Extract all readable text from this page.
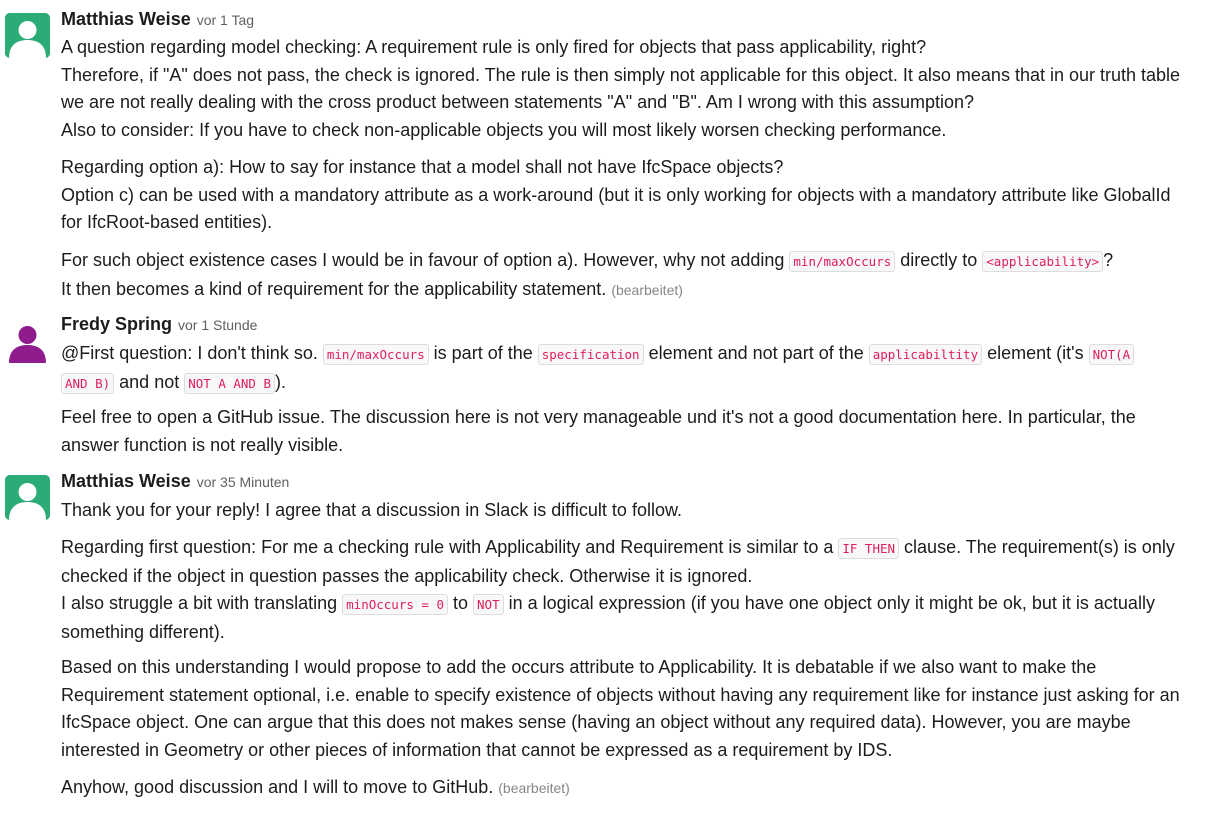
Matthias Weise vor 1 Tag
A question regarding model checking: A requirement rule is only fired for objects that pass applicability, right?
Therefore, if "A" does not pass, the check is ignored. The rule is then simply not applicable for this object. It also means that in our truth table
we are not really dealing with the cross product between statements "A" and "B". Am I wrong with this assumption?
Also to consider: If you have to check non-applicable objects you will most likely worsen checking performance.
Regarding option a): How to say for instance that a model shall not have IfcSpace objects?
Option c) can be used with a mandatory attribute as a work-around (but it is only working for objects with a mandatory attribute like GlobalId
for IfcRoot-based entities).
For such object existence cases I would be in favour of option a). However, why not adding min/maxOccurs directly to <applicability> ?
It then becomes a kind of requirement for the applicability statement. (bearbeitet)
Fredy Spring vor 1 Stunde
@First question: I don't think so. min/maxOccurs is part of the specification element and not part of the applicabiltity element (it's NOT(A
AND B) and not NOT A AND B ).
Feel free to open a GitHub issue. The discussion here is not very manageable und it's not a good documentation here. In particular, the
answer function is not really visible.
Matthias Weise vor 35 Minuten
Thank you for your reply! I agree that a discussion in Slack is difficult to follow.
Regarding first question: For me a checking rule with Applicability and Requirement is similar to a IF THEN clause. The requirement(s) is only
checked if the object in question passes the applicability check. Otherwise it is ignored.
I also struggle a bit with translating minOccurs = 0 to NOT in a logical expression (if you have one object only it might be ok, but it is actually
something different).
Based on this understanding I would propose to add the occurs attribute to Applicability. It is debatable if we also want to make the
Requirement statement optional, i.e. enable to specify existence of objects without having any requirement like for instance just asking for an
IfcSpace object. One can argue that this does not makes sense (having an object without any required data). However, you are maybe
interested in Geometry or other pieces of information that cannot be expressed as a requirement by IDS.
Anyhow, good discussion and I will to move to GitHub. (bearbeitet)
